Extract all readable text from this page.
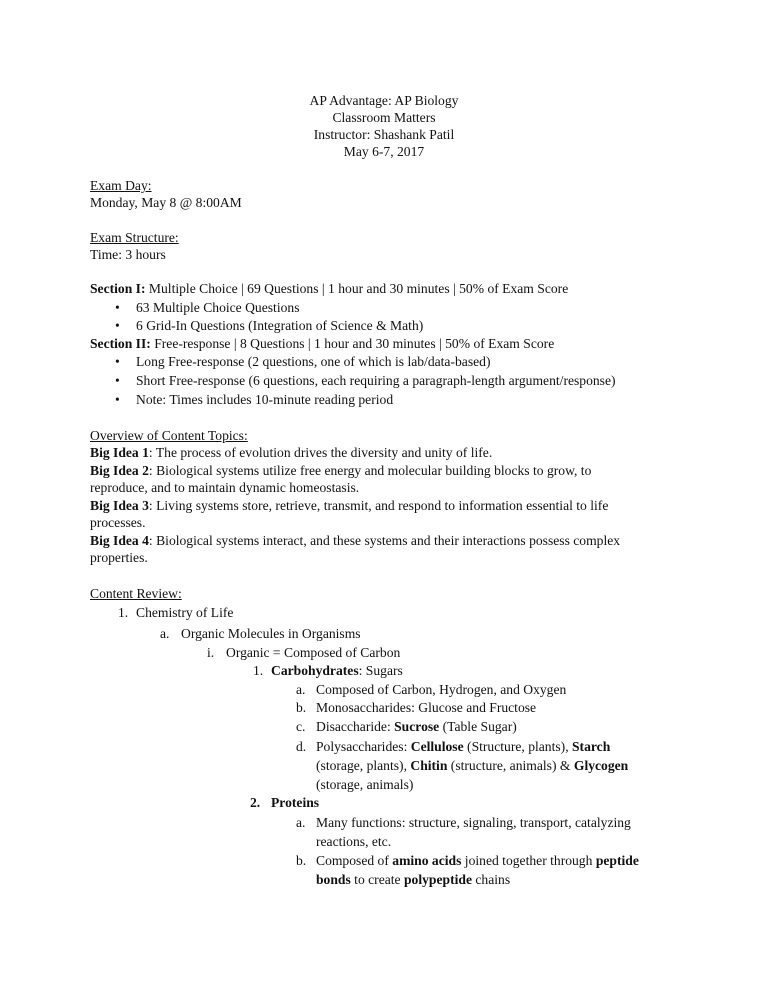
AP Advantage: AP Biology
Classroom Matters
Instructor: Shashank Patil
May 6-7, 2017
Exam Day:
Monday, May 8 @ 8:00AM
Exam Structure:
Time: 3 hours
Section I: Multiple Choice | 69 Questions | 1 hour and 30 minutes | 50% of Exam Score
• 63 Multiple Choice Questions
• 6 Grid-In Questions (Integration of Science & Math)
Section II: Free-response | 8 Questions | 1 hour and 30 minutes | 50% of Exam Score
• Long Free-response (2 questions, one of which is lab/data-based)
• Short Free-response (6 questions, each requiring a paragraph-length argument/response)
• Note: Times includes 10-minute reading period
Overview of Content Topics:
Big Idea 1: The process of evolution drives the diversity and unity of life.
Big Idea 2: Biological systems utilize free energy and molecular building blocks to grow, to
reproduce, and to maintain dynamic homeostasis.
Big Idea 3: Living systems store, retrieve, transmit, and respond to information essential to life
processes.
Big Idea 4: Biological systems interact, and these systems and their interactions possess complex
properties.
Content Review:
1. Chemistry of Life
a. Organic Molecules in Organisms
i. Organic = Composed of Carbon
1. Carbohydrates: Sugars
a. Composed of Carbon, Hydrogen, and Oxygen
b. Monosaccharides: Glucose and Fructose
c. Disaccharide: Sucrose (Table Sugar)
d. Polysaccharides: Cellulose (Structure, plants), Starch
(storage, plants), Chitin (structure, animals) & Glycogen
(storage, animals)
2. Proteins
a. Many functions: structure, signaling, transport, catalyzing
reactions, etc.
b. Composed of amino acids joined together through peptide
bonds to create polypeptide chains
